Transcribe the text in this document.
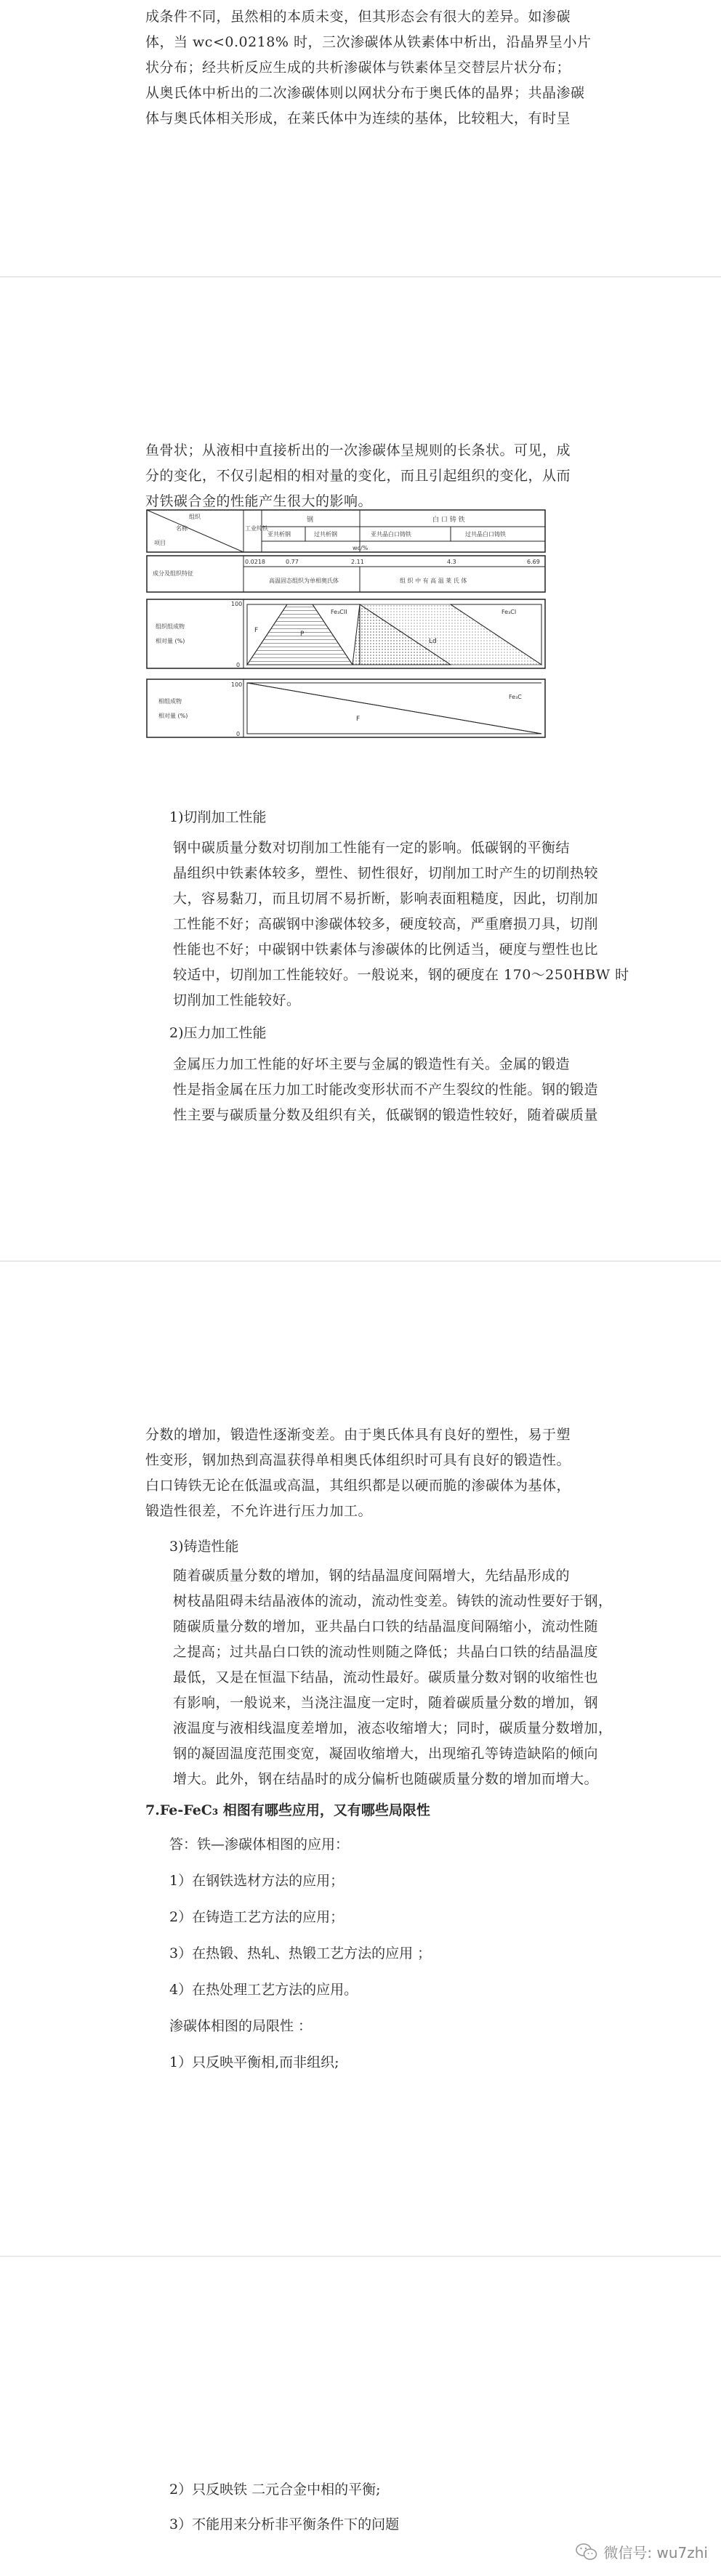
成条件不同，虽然相的本质未变，但其形态会有很大的差异。如渗碳
体，当 wc<0.0218% 时，三次渗碳体从铁素体中析出，沿晶界呈小片
状分布；经共析反应生成的共析渗碳体与铁素体呈交替层片状分布；
从奥氏体中析出的二次渗碳体则以网状分布于奥氏体的晶界；共晶渗碳
体与奥氏体相关形成，在莱氏体中为连续的基体，比较粗大，有时呈
鱼骨状；从液相中直接析出的一次渗碳体呈规则的长条状。可见，成
分的变化，不仅引起相的相对量的变化，而且引起组织的变化，从而
对铁碳合金的性能产生很大的影响。
组织
名称
项目
工业纯铁
钢	白 口 铸 铁
亚共析钢	过共析钢	亚共晶白口铸铁	过共晶白口铸铁
wc/%
成分及组织特征
0.0218	0.77	2.11	4.3	6.69
高温固态组织为单相奥氏体	组 织 中 有 高 温 莱 氏 体
组织组成物
相对量 (%)
100
0
F	P
Fe₃CII
Ld
Fe₃CI
相组成物
相对量 (%)
100
0
F
Fe₃C
1)切削加工性能
钢中碳质量分数对切削加工性能有一定的影响。低碳钢的平衡结
晶组织中铁素体较多，塑性、韧性很好，切削加工时产生的切削热较
大，容易黏刀，而且切屑不易折断，影响表面粗糙度，因此，切削加
工性能不好；高碳钢中渗碳体较多，硬度较高，严重磨损刀具，切削
性能也不好；中碳钢中铁素体与渗碳体的比例适当，硬度与塑性也比
较适中，切削加工性能较好。一般说来，钢的硬度在 170～250HBW 时
切削加工性能较好。
2)压力加工性能
金属压力加工性能的好坏主要与金属的锻造性有关。金属的锻造
性是指金属在压力加工时能改变形状而不产生裂纹的性能。钢的锻造
性主要与碳质量分数及组织有关，低碳钢的锻造性较好，随着碳质量
分数的增加，锻造性逐渐变差。由于奥氏体具有良好的塑性，易于塑
性变形，钢加热到高温获得单相奥氏体组织时可具有良好的锻造性。
白口铸铁无论在低温或高温，其组织都是以硬而脆的渗碳体为基体，
锻造性很差，不允许进行压力加工。
3)铸造性能
随着碳质量分数的增加，钢的结晶温度间隔增大，先结晶形成的
树枝晶阻碍未结晶液体的流动，流动性变差。铸铁的流动性要好于钢，
随碳质量分数的增加，亚共晶白口铁的结晶温度间隔缩小，流动性随
之提高；过共晶白口铁的流动性则随之降低；共晶白口铁的结晶温度
最低，又是在恒温下结晶，流动性最好。碳质量分数对钢的收缩性也
有影响，一般说来，当浇注温度一定时，随着碳质量分数的增加，钢
液温度与液相线温度差增加，液态收缩增大；同时，碳质量分数增加，
钢的凝固温度范围变宽，凝固收缩增大，出现缩孔等铸造缺陷的倾向
增大。此外，钢在结晶时的成分偏析也随碳质量分数的增加而增大。
7.Fe-FeC₃ 相图有哪些应用，又有哪些局限性
答：铁—渗碳体相图的应用：
1）在钢铁选材方法的应用；
2）在铸造工艺方法的应用；
3）在热锻、热轧、热锻工艺方法的应用 ；
4）在热处理工艺方法的应用。
渗碳体相图的局限性 ：
1）只反映平衡相,而非组织;
2）只反映铁 二元合金中相的平衡;
3）不能用来分析非平衡条件下的问题
微信号: wu7zhi
